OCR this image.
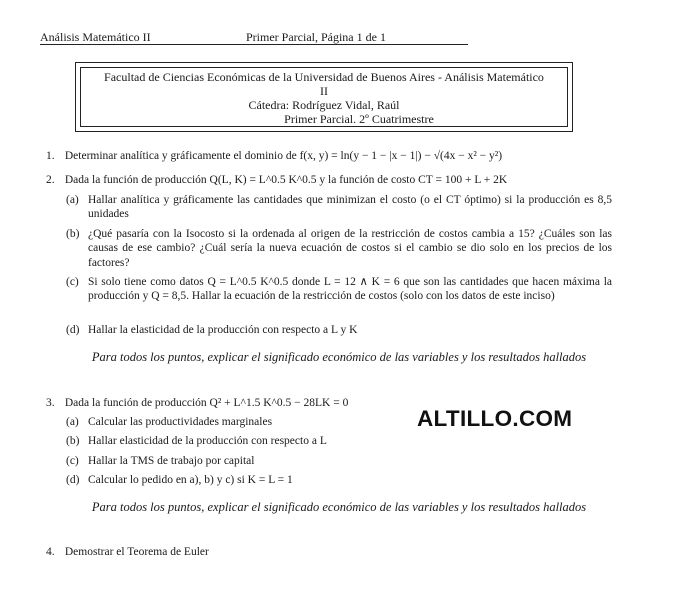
Análisis Matemático II	Primer Parcial, Página 1 de 1
Facultad de Ciencias Económicas de la Universidad de Buenos Aires - Análisis Matemático
II
Cátedra: Rodríguez Vidal, Raúl
Primer Parcial. 2º Cuatrimestre
1. Determinar analítica y gráficamente el dominio de f(x, y) = ln(y − 1 − |x − 1|) − √(4x − x² − y²)
2. Dada la función de producción Q(L, K) = L^0.5 K^0.5 y la función de costo CT = 100 + L + 2K
(a) Hallar analítica y gráficamente las cantidades que minimizan el costo (o el CT óptimo) si la producción es 8,5 unidades
(b) ¿Qué pasaría con la Isocosto si la ordenada al origen de la restricción de costos cambia a 15? ¿Cuáles son las causas de ese cambio? ¿Cuál sería la nueva ecuación de costos si el cambio se dio solo en los precios de los factores?
(c) Si solo tiene como datos Q = L^0.5 K^0.5 donde L = 12 ∧ K = 6 que son las cantidades que hacen máxima la producción y Q = 8,5. Hallar la ecuación de la restricción de costos (solo con los datos de este inciso)
(d) Hallar la elasticidad de la producción con respecto a L y K
Para todos los puntos, explicar el significado económico de las variables y los resultados hallados
3. Dada la función de producción Q² + L^1.5 K^0.5 − 28LK = 0
(a) Calcular las productividades marginales
(b) Hallar elasticidad de la producción con respecto a L
(c) Hallar la TMS de trabajo por capital
(d) Calcular lo pedido en a), b) y c) si K = L = 1
Para todos los puntos, explicar el significado económico de las variables y los resultados hallados
4. Demostrar el Teorema de Euler
ALTILLO.COM
